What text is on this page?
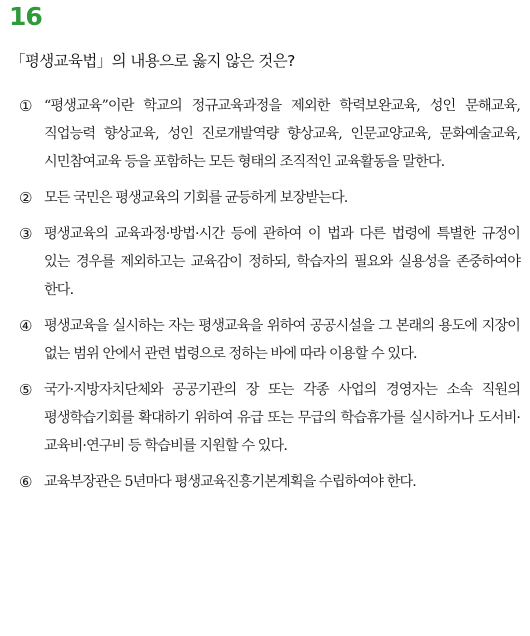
16
「평생교육법」의 내용으로 옳지 않은 것은?
① “평생교육”이란 학교의 정규교육과정을 제외한 학력보완교육, 성인 문해교육, 직업능력 향상교육, 성인 진로개발역량 향상교육, 인문교양교육, 문화예술교육, 시민참여교육 등을 포함하는 모든 형태의 조직적인 교육활동을 말한다.
② 모든 국민은 평생교육의 기회를 균등하게 보장받는다.
③ 평생교육의 교육과정·방법·시간 등에 관하여 이 법과 다른 법령에 특별한 규정이 있는 경우를 제외하고는 교육감이 정하되, 학습자의 필요와 실용성을 존중하여야 한다.
④ 평생교육을 실시하는 자는 평생교육을 위하여 공공시설을 그 본래의 용도에 지장이 없는 범위 안에서 관련 법령으로 정하는 바에 따라 이용할 수 있다.
⑤ 국가·지방자치단체와 공공기관의 장 또는 각종 사업의 경영자는 소속 직원의 평생학습기회를 확대하기 위하여 유급 또는 무급의 학습휴가를 실시하거나 도서비·교육비·연구비 등 학습비를 지원할 수 있다.
⑥ 교육부장관은 5년마다 평생교육진흥기본계획을 수립하여야 한다.
